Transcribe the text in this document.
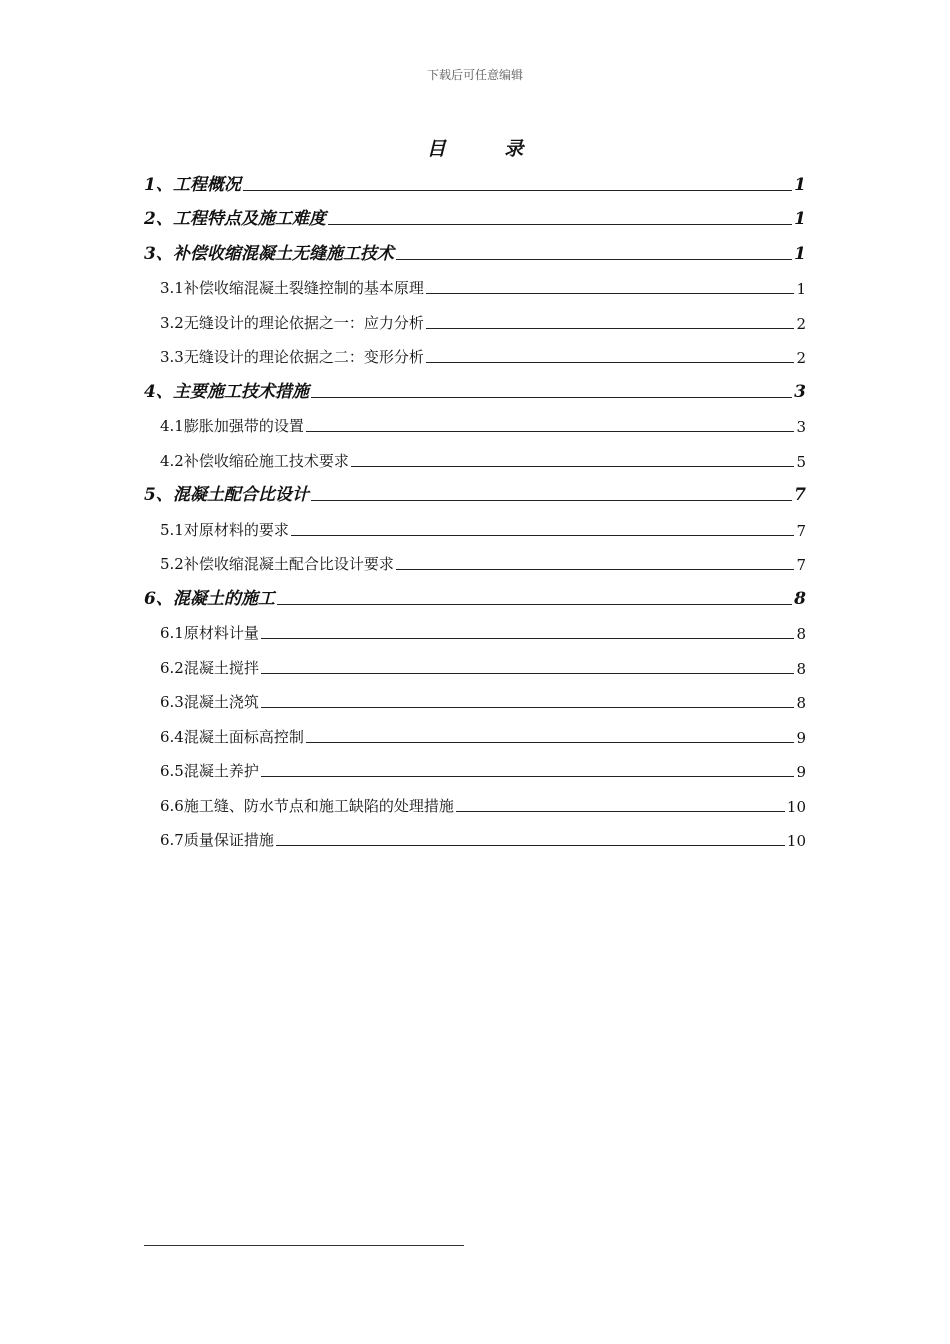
下载后可任意编辑
目 录
1、工程概况	1
2、工程特点及施工难度	1
3、补偿收缩混凝土无缝施工技术	1
3.1补偿收缩混凝土裂缝控制的基本原理	1
3.2无缝设计的理论依据之一：应力分析	2
3.3无缝设计的理论依据之二：变形分析	2
4、主要施工技术措施	3
4.1膨胀加强带的设置	3
4.2补偿收缩砼施工技术要求	5
5、混凝土配合比设计	7
5.1对原材料的要求	7
5.2补偿收缩混凝土配合比设计要求	7
6、混凝土的施工	8
6.1原材料计量	8
6.2混凝土搅拌	8
6.3混凝土浇筑	8
6.4混凝土面标高控制	9
6.5混凝土养护	9
6.6施工缝、防水节点和施工缺陷的处理措施	10
6.7质量保证措施	10
